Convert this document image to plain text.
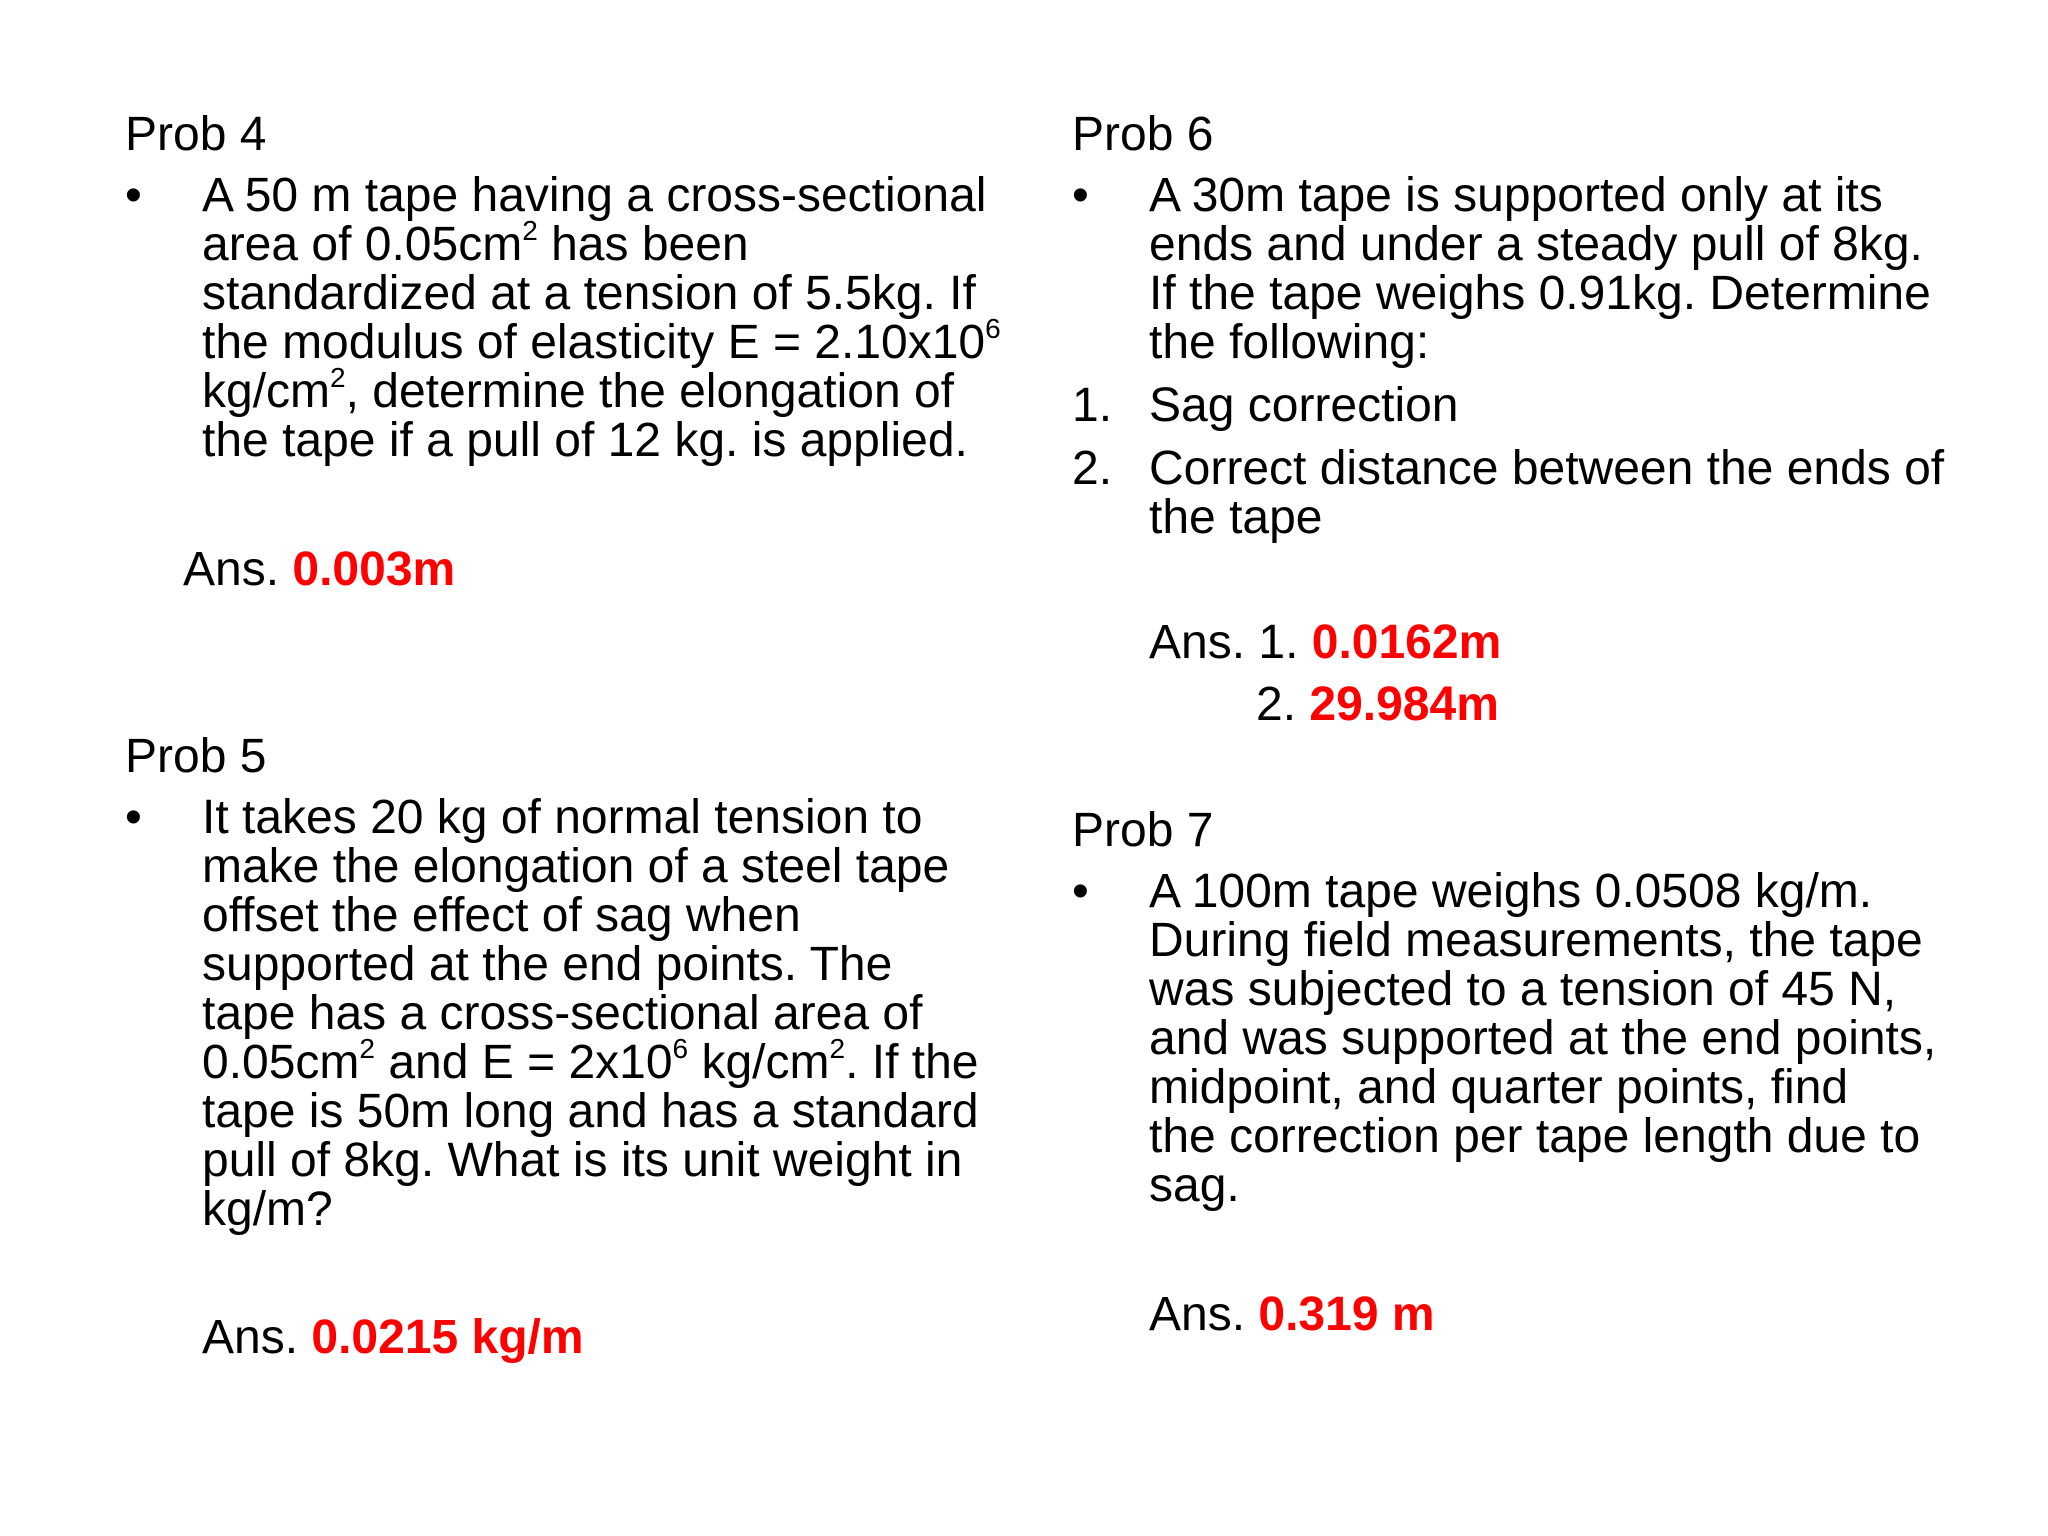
Prob 4
•	A 50 m tape having a cross-sectional
area of $0.05cm^2$ has been
standardized at a tension of 5.5kg. If
the modulus of elasticity $E = 2.10x10^6$
$kg/cm^2$, determine the elongation of
the tape if a pull of 12 kg. is applied.
Ans. 0.003m
Prob 5
•	It takes 20 kg of normal tension to
make the elongation of a steel tape
offset the effect of sag when
supported at the end points. The
tape has a cross-sectional area of
$0.05cm^2$ and $E = 2x10^6$ $kg/cm^2$. If the
tape is 50m long and has a standard
pull of 8kg. What is its unit weight in
kg/m?
Ans. 0.0215 kg/m
Prob 6
•	A 30m tape is supported only at its
ends and under a steady pull of 8kg.
If the tape weighs 0.91kg. Determine
the following:
1. Sag correction
2. Correct distance between the ends of
the tape
Ans. 1. 0.0162m
2. 29.984m
Prob 7
•	A 100m tape weighs 0.0508 kg/m.
During field measurements, the tape
was subjected to a tension of 45 N,
and was supported at the end points,
midpoint, and quarter points, find
the correction per tape length due to
sag.
Ans. 0.319 m
